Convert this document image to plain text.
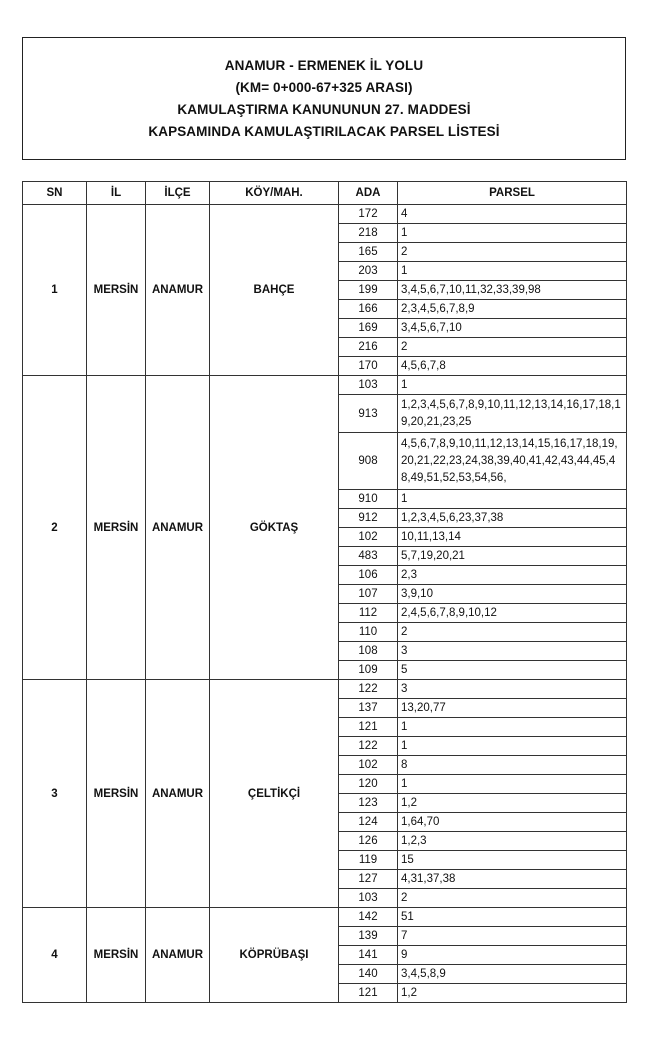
ANAMUR - ERMENEK İL YOLU
(KM= 0+000-67+325 ARASI)
KAMULAŞTIRMA KANUNUNUN 27. MADDESİ
KAPSAMINDA KAMULAŞTIRILACAK PARSEL LİSTESİ
SN	İL	İLÇE	KÖY/MAH.	ADA	PARSEL
1	MERSİN	ANAMUR	BAHÇE	172	4
				218	1
				165	2
				203	1
				199	3,4,5,6,7,10,11,32,33,39,98
				166	2,3,4,5,6,7,8,9
				169	3,4,5,6,7,10
				216	2
				170	4,5,6,7,8
2	MERSİN	ANAMUR	GÖKTAŞ	103	1
				913	1,2,3,4,5,6,7,8,9,10,11,12,13,14,16,17,18,19,20,21,23,25
				908	4,5,6,7,8,9,10,11,12,13,14,15,16,17,18,19,20,21,22,23,24,38,39,40,41,42,43,44,45,48,49,51,52,53,54,56,
				910	1
				912	1,2,3,4,5,6,23,37,38
				102	10,11,13,14
				483	5,7,19,20,21
				106	2,3
				107	3,9,10
				112	2,4,5,6,7,8,9,10,12
				110	2
				108	3
				109	5
3	MERSİN	ANAMUR	ÇELTİKÇİ	122	3
				137	13,20,77
				121	1
				122	1
				102	8
				120	1
				123	1,2
				124	1,64,70
				126	1,2,3
				119	15
				127	4,31,37,38
				103	2
4	MERSİN	ANAMUR	KÖPRÜBAŞI	142	51
				139	7
				141	9
				140	3,4,5,8,9
				121	1,2
